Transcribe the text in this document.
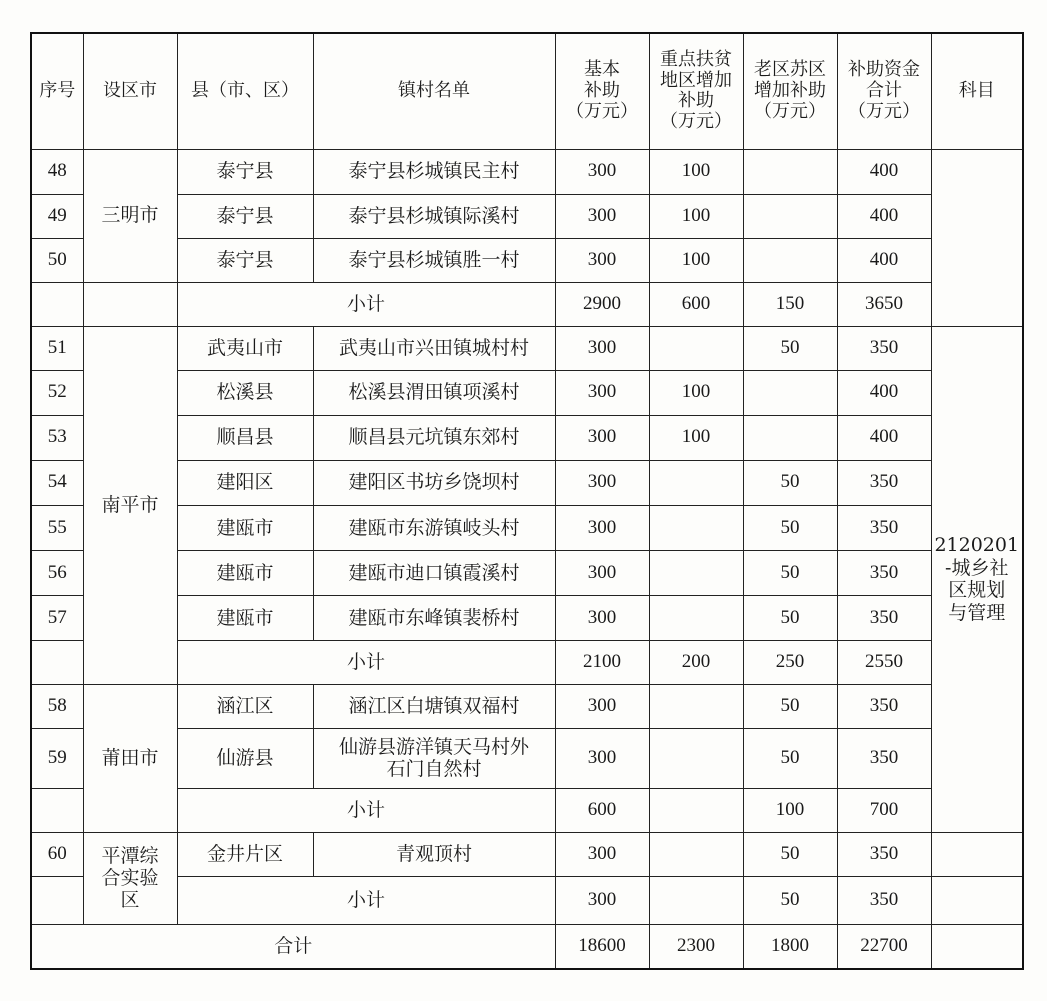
序号	设区市	县（市、区）	镇村名单	基本
补助
（万元）	重点扶贫
地区增加
补助
（万元）	老区苏区
增加补助
（万元）	补助资金
合计
（万元）	科目
48	三明市	泰宁县	泰宁县杉城镇民主村	300	100		400	
49		泰宁县	泰宁县杉城镇际溪村	300	100		400	
50		泰宁县	泰宁县杉城镇胜一村	300	100		400	
		小计		2900	600	150	3650	
51	南平市	武夷山市	武夷山市兴田镇城村村	300		50	350	2120201
-城乡社
区规划
与管理
52		松溪县	松溪县渭田镇项溪村	300	100		400	
53		顺昌县	顺昌县元坑镇东郊村	300	100		400	
54		建阳区	建阳区书坊乡饶坝村	300		50	350	
55		建瓯市	建瓯市东游镇岐头村	300		50	350	
56		建瓯市	建瓯市迪口镇霞溪村	300		50	350	
57		建瓯市	建瓯市东峰镇裴桥村	300		50	350	
		小计		2100	200	250	2550	
58	莆田市	涵江区	涵江区白塘镇双福村	300		50	350	
59		仙游县	仙游县游洋镇天马村外
石门自然村	300		50	350	
		小计		600		100	700	
60	平潭综
合实验
区	金井片区	青观顶村	300		50	350	
		小计		300		50	350	
合计				18600	2300	1800	22700	
